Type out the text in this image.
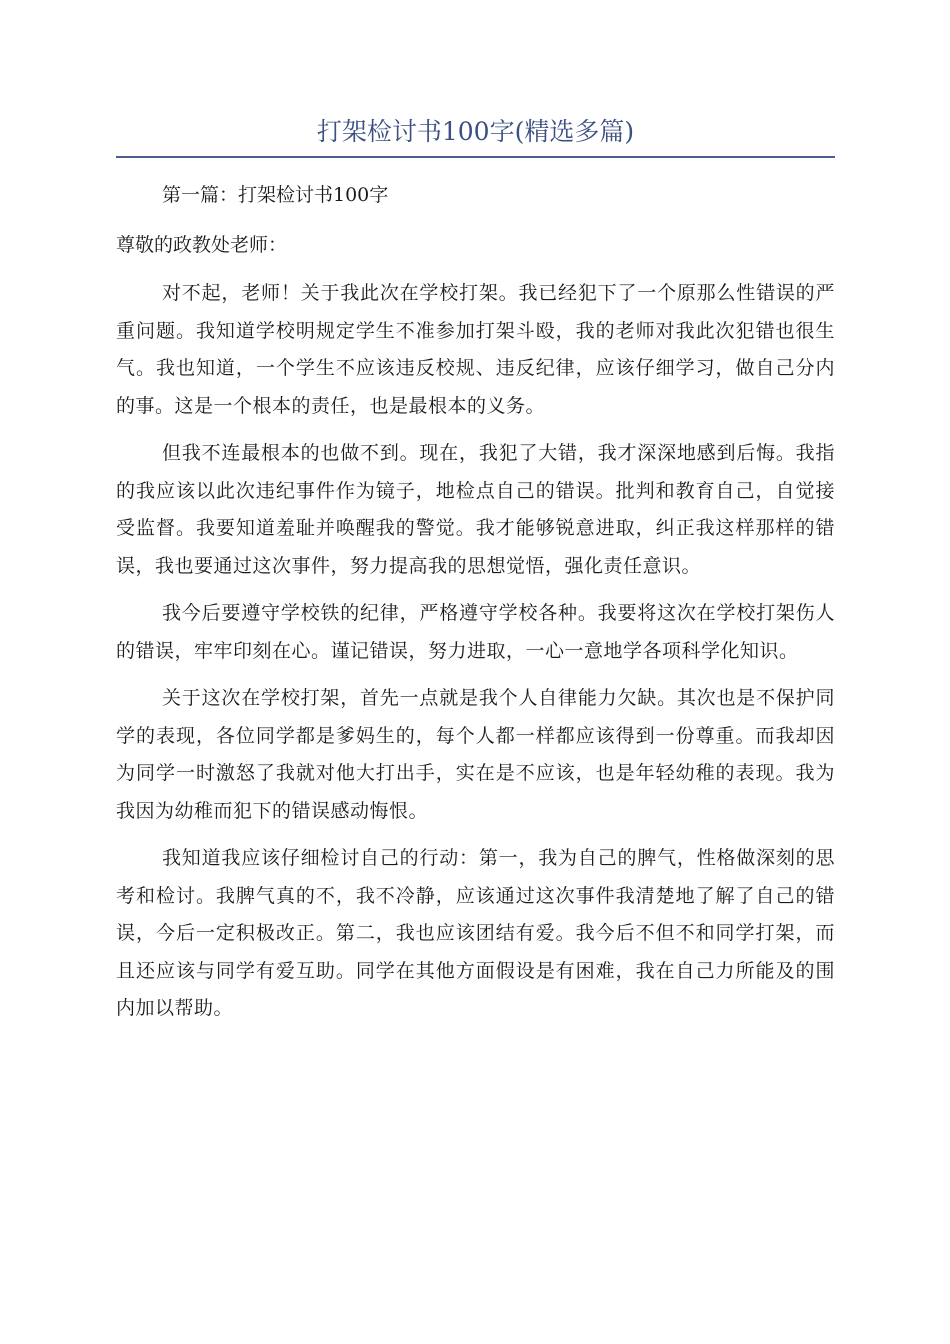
打架检讨书100字(精选多篇)

第一篇：打架检讨书100字

尊敬的政教处老师：

对不起，老师！关于我此次在学校打架。我已经犯下了一个原那么性错误的严重问题。我知道学校明规定学生不准参加打架斗殴，我的老师对我此次犯错也很生气。我也知道，一个学生不应该违反校规、违反纪律，应该仔细学习，做自己分内的事。这是一个根本的责任，也是最根本的义务。

但我不连最根本的也做不到。现在，我犯了大错，我才深深地感到后悔。我指的我应该以此次违纪事件作为镜子，地检点自己的错误。批判和教育自己，自觉接受监督。我要知道羞耻并唤醒我的警觉。我才能够锐意进取，纠正我这样那样的错误，我也要通过这次事件，努力提高我的思想觉悟，强化责任意识。

我今后要遵守学校铁的纪律，严格遵守学校各种。我要将这次在学校打架伤人的错误，牢牢印刻在心。谨记错误，努力进取，一心一意地学各项科学化知识。

关于这次在学校打架，首先一点就是我个人自律能力欠缺。其次也是不保护同学的表现，各位同学都是爹妈生的，每个人都一样都应该得到一份尊重。而我却因为同学一时激怒了我就对他大打出手，实在是不应该，也是年轻幼稚的表现。我为我因为幼稚而犯下的错误感动悔恨。

我知道我应该仔细检讨自己的行动：第一，我为自己的脾气，性格做深刻的思考和检讨。我脾气真的不，我不冷静，应该通过这次事件我清楚地了解了自己的错误，今后一定积极改正。第二，我也应该团结有爱。我今后不但不和同学打架，而且还应该与同学有爱互助。同学在其他方面假设是有困难，我在自己力所能及的围内加以帮助。
